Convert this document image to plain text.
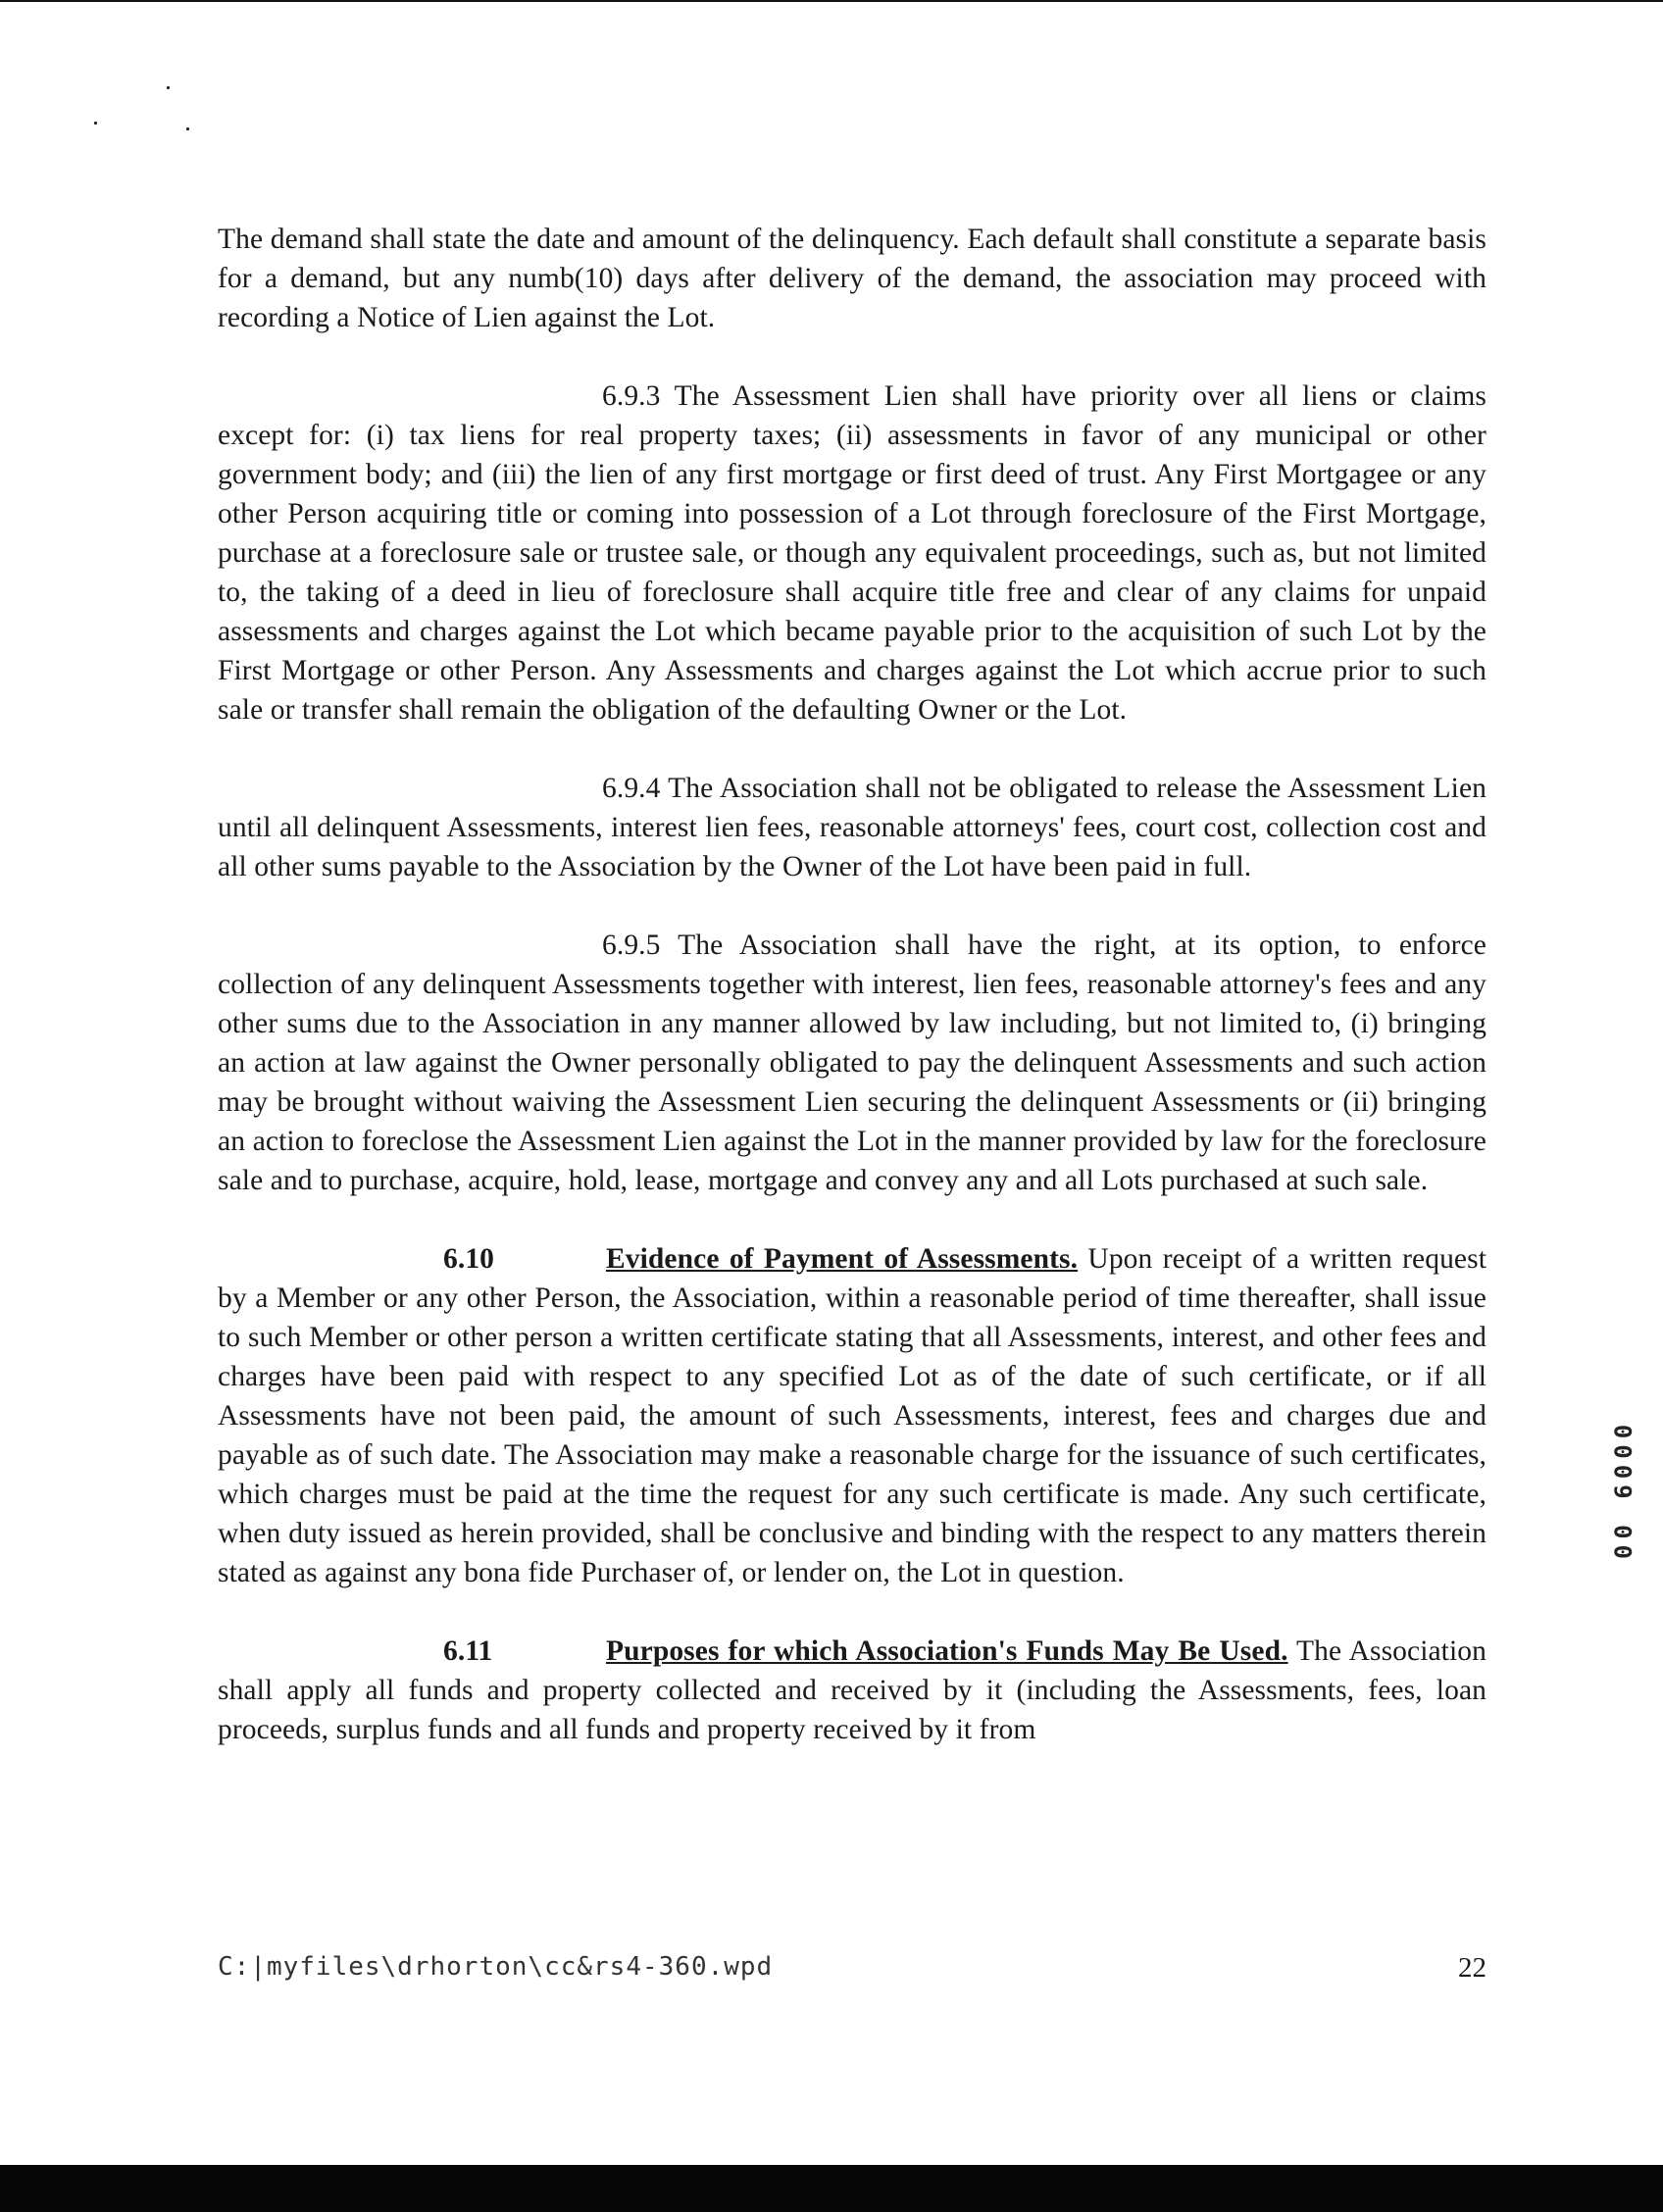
The demand shall state the date and amount of the delinquency. Each default shall constitute a separate basis for a demand, but any numb(10) days after delivery of the demand, the association may proceed with recording a Notice of Lien against the Lot.

6.9.3 The Assessment Lien shall have priority over all liens or claims except for: (i) tax liens for real property taxes; (ii) assessments in favor of any municipal or other government body; and (iii) the lien of any first mortgage or first deed of trust. Any First Mortgagee or any other Person acquiring title or coming into possession of a Lot through foreclosure of the First Mortgage, purchase at a foreclosure sale or trustee sale, or though any equivalent proceedings, such as, but not limited to, the taking of a deed in lieu of foreclosure shall acquire title free and clear of any claims for unpaid assessments and charges against the Lot which became payable prior to the acquisition of such Lot by the First Mortgage or other Person. Any Assessments and charges against the Lot which accrue prior to such sale or transfer shall remain the obligation of the defaulting Owner or the Lot.

6.9.4 The Association shall not be obligated to release the Assessment Lien until all delinquent Assessments, interest lien fees, reasonable attorneys' fees, court cost, collection cost and all other sums payable to the Association by the Owner of the Lot have been paid in full.

6.9.5 The Association shall have the right, at its option, to enforce collection of any delinquent Assessments together with interest, lien fees, reasonable attorney's fees and any other sums due to the Association in any manner allowed by law including, but not limited to, (i) bringing an action at law against the Owner personally obligated to pay the delinquent Assessments and such action may be brought without waiving the Assessment Lien securing the delinquent Assessments or (ii) bringing an action to foreclose the Assessment Lien against the Lot in the manner provided by law for the foreclosure sale and to purchase, acquire, hold, lease, mortgage and convey any and all Lots purchased at such sale.

6.10	Evidence of Payment of Assessments. Upon receipt of a written request by a Member or any other Person, the Association, within a reasonable period of time thereafter, shall issue to such Member or other person a written certificate stating that all Assessments, interest, and other fees and charges have been paid with respect to any specified Lot as of the date of such certificate, or if all Assessments have not been paid, the amount of such Assessments, interest, fees and charges due and payable as of such date. The Association may make a reasonable charge for the issuance of such certificates, which charges must be paid at the time the request for any such certificate is made. Any such certificate, when duty issued as herein provided, shall be conclusive and binding with the respect to any matters therein stated as against any bona fide Purchaser of, or lender on, the Lot in question.

6.11	Purposes for which Association's Funds May Be Used. The Association shall apply all funds and property collected and received by it (including the Assessments, fees, loan proceeds, surplus funds and all funds and property received by it from

C:|myfiles\drhorton\cc&rs4-360.wpd	22
00 6000
